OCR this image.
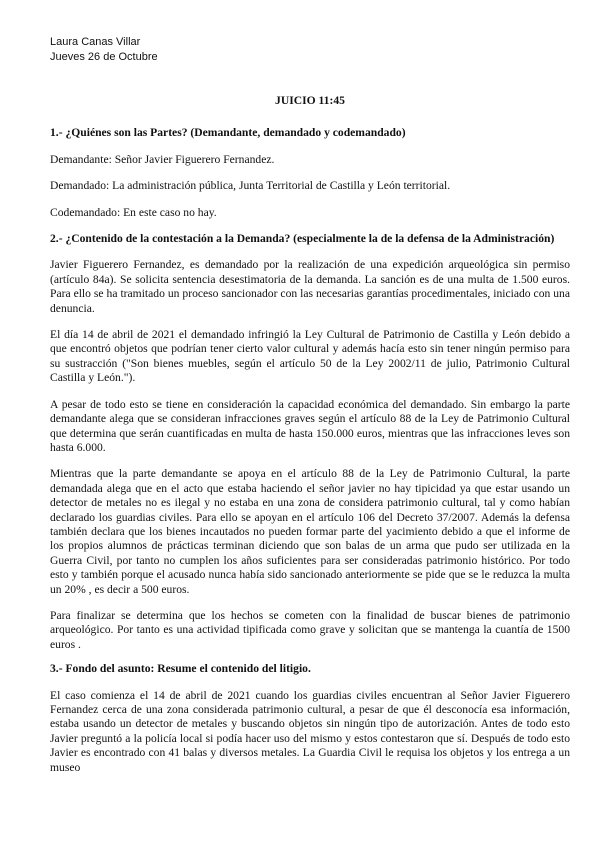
Laura Canas Villar
Jueves 26 de Octubre
JUICIO 11:45
1.- ¿Quiénes son las Partes? (Demandante, demandado y codemandado)

Demandante: Señor Javier Figuerero Fernandez.

Demandado: La administración pública, Junta Territorial de Castilla y León territorial.

Codemandado: En este caso no hay.

2.- ¿Contenido de la contestación a la Demanda? (especialmente la de la defensa de la Administración)

Javier Figuerero Fernandez, es demandado por la realización de una expedición arqueológica sin permiso (artículo 84a). Se solicita sentencia desestimatoria de la demanda. La sanción es de una multa de 1.500 euros. Para ello se ha tramitado un proceso sancionador con las necesarias garantías procedimentales, iniciado con una denuncia.

El día 14 de abril de 2021 el demandado infringió la Ley Cultural de Patrimonio de Castilla y León debido a que encontró objetos que podrían tener cierto valor cultural y además hacía esto sin tener ningún permiso para su sustracción ("Son bienes muebles, según el artículo 50 de la Ley 2002/11 de julio, Patrimonio Cultural Castilla y León.").

A pesar de todo esto se tiene en consideración la capacidad económica del demandado. Sin embargo la parte demandante alega que se consideran infracciones graves según el artículo 88 de la Ley de Patrimonio Cultural que determina que serán cuantificadas en multa de hasta 150.000 euros, mientras que las infracciones leves son hasta 6.000.

Mientras que la parte demandante se apoya en el artículo 88 de la Ley de Patrimonio Cultural, la parte demandada alega que en el acto que estaba haciendo el señor javier no hay tipicidad ya que estar usando un detector de metales no es ilegal y no estaba en una zona de considera patrimonio cultural, tal y como habían declarado los guardias civiles. Para ello se apoyan en el artículo 106 del Decreto 37/2007. Además la defensa también declara que los bienes incautados no pueden formar parte del yacimiento debido a que el informe de los propios alumnos de prácticas terminan diciendo que son balas de un arma que pudo ser utilizada en la Guerra Civil, por tanto no cumplen los años suficientes para ser consideradas patrimonio histórico. Por todo esto y también porque el acusado nunca había sido sancionado anteriormente se pide que se le reduzca la multa un 20% , es decir a 500 euros.

Para finalizar se determina que los hechos se cometen con la finalidad de buscar bienes de patrimonio arqueológico. Por tanto es una actividad tipificada como grave y solicitan que se mantenga la cuantía de 1500 euros .

3.- Fondo del asunto: Resume el contenido del litigio.

El caso comienza el 14 de abril de 2021 cuando los guardias civiles encuentran al Señor Javier Figuerero Fernandez cerca de una zona considerada patrimonio cultural, a pesar de que él desconocía esa información, estaba usando un detector de metales y buscando objetos sin ningún tipo de autorización. Antes de todo esto Javier preguntó a la policía local si podía hacer uso del mismo y estos contestaron que sí. Después de todo esto Javier es encontrado con 41 balas y diversos metales. La Guardia Civil le requisa los objetos y los entrega a un museo
